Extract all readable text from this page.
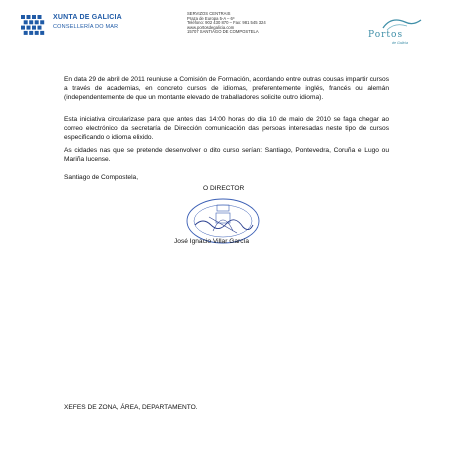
XUNTA DE GALICIA
CONSELLERÍA DO MAR
SERVIZOS CENTRAIS
Praza de Europa 5-A – 6º
Teléfono: 902 430 870 – Fax: 981 545 324
www.portosdegalicia.com
15707 SANTIAGO DE COMPOSTELA	Portos
de Galicia
En data 29 de abril de 2011 reuniuse a Comisión de Formación, acordando entre outras cousas impartir cursos a través de academias, en concreto cursos de idiomas, preferentemente inglés, francés ou alemán (independentemente de que un montante elevado de traballadores solicite outro idioma).
Esta iniciativa circularizase para que antes das 14:00 horas do dia 10 de maio de 2010 se faga chegar ao correo electrónico da secretaría de Dirección comunicación das persoas interesadas neste tipo de cursos especificando o idioma elixido.
As cidades nas que se pretende desenvolver o dito curso serían: Santiago, Pontevedra, Coruña e Lugo ou Mariña lucense.
Santiago de Compostela,
O DIRECTOR
José Ignacio Villar García
XEFES DE ZONA, ÁREA, DEPARTAMENTO.
